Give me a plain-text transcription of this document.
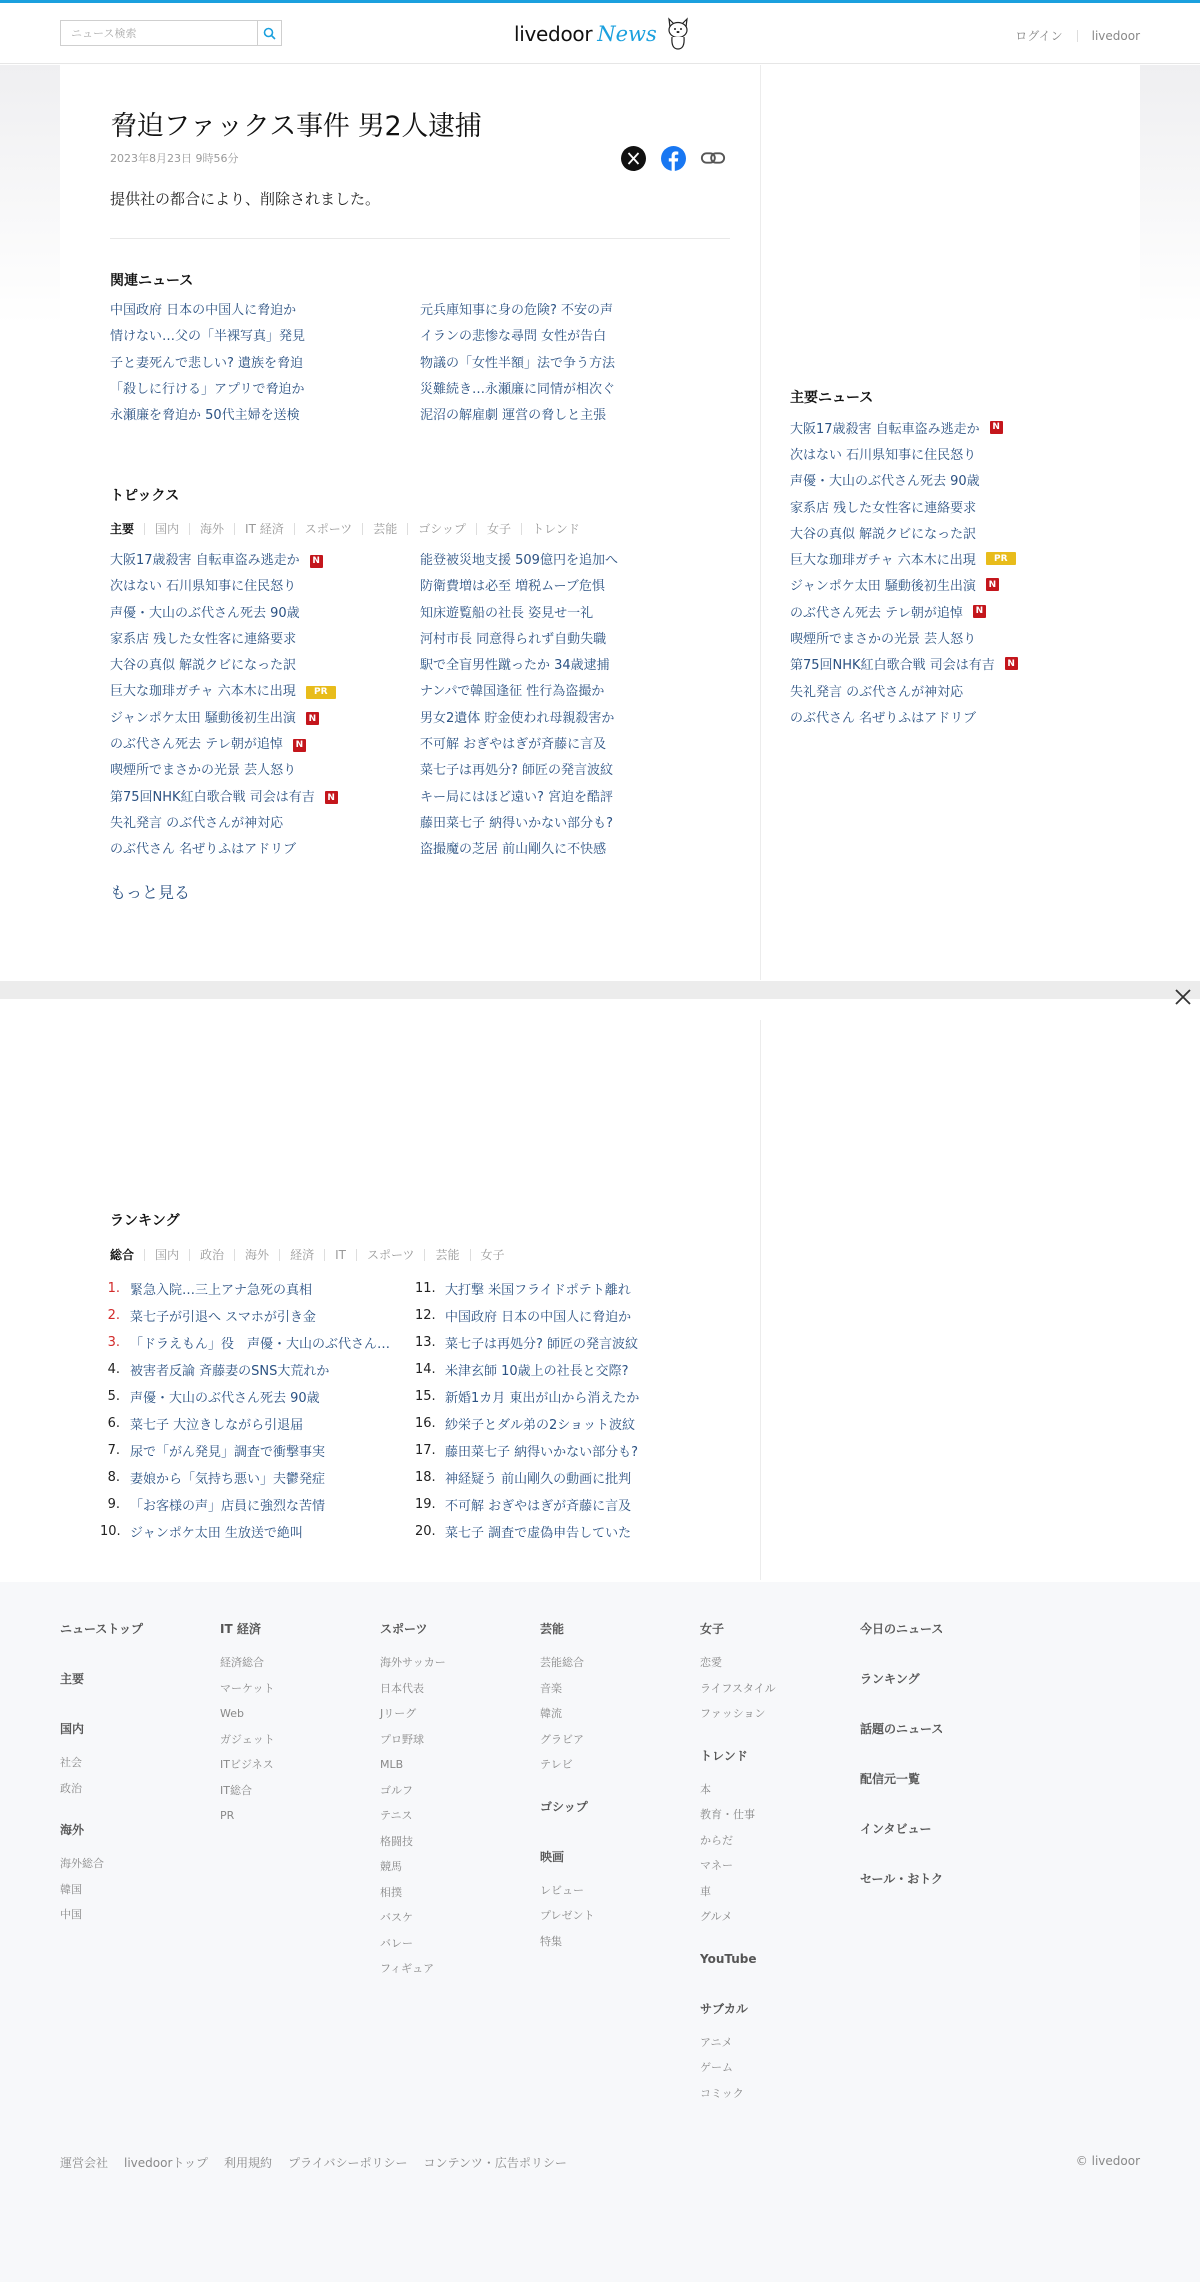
ニュース検索
livedoor News	ログイン livedoor
脅迫ファックス事件 男2人逮捕
2023年8月23日 9時56分

提供社の都合により、削除されました。

関連ニュース
中国政府 日本の中国人に脅迫か	元兵庫知事に身の危険? 不安の声
情けない…父の「半裸写真」発見	イランの悲惨な尋問 女性が告白
子と妻死んで悲しい? 遺族を脅迫	物議の「女性半額」法で争う方法
「殺しに行ける」アプリで脅迫か	災難続き…永瀬廉に同情が相次ぐ
永瀬廉を脅迫か 50代主婦を送検	泥沼の解雇劇 運営の脅しと主張
トピックス
主要 国内 海外 IT 経済 スポーツ 芸能 ゴシップ 女子 トレンド
大阪17歳殺害 自転車盗み逃走か	N	能登被災地支援 509億円を追加へ
次はない 石川県知事に住民怒り	防衛費増は必至 増税ムーブ危惧
声優・大山のぶ代さん死去 90歳	知床遊覧船の社長 姿見せ一礼
家系店 残した女性客に連絡要求	河村市長 同意得られず自動失職
大谷の真似 解説クビになった訳	駅で全盲男性蹴ったか 34歳逮捕
巨大な珈琲ガチャ 六本木に出現	PR	ナンパで韓国逢征 性行為盗撮か
ジャンポケ太田 騒動後初生出演	N	男女2遺体 貯金使われ母親殺害か
のぶ代さん死去 テレ朝が追悼	N	不可解 おぎやはぎが斉藤に言及
喫煙所でまさかの光景 芸人怒り	菜七子は再処分? 師匠の発言波紋
第75回NHK紅白歌合戦 司会は有吉	N	キー局にはほど遠い? 宮迫を酷評
失礼発言 のぶ代さんが神対応	藤田菜七子 納得いかない部分も?
のぶ代さん 名ぜりふはアドリブ	盗撮魔の芝居 前山剛久に不快感
もっと見る
主要ニュース
大阪17歳殺害 自転車盗み逃走か	N
次はない 石川県知事に住民怒り
声優・大山のぶ代さん死去 90歳
家系店 残した女性客に連絡要求
大谷の真似 解説クビになった訳
巨大な珈琲ガチャ 六本木に出現	PR
ジャンポケ太田 騒動後初生出演	N
のぶ代さん死去 テレ朝が追悼	N
喫煙所でまさかの光景 芸人怒り
第75回NHK紅白歌合戦 司会は有吉	N
失礼発言 のぶ代さんが神対応
のぶ代さん 名ぜりふはアドリブ
ランキング
総合 国内 政治 海外 経済 IT スポーツ 芸能 女子
1. 緊急入院…三上アナ急死の真相
2. 菜七子が引退へ スマホが引き金
3. 「ドラえもん」役　声優・大山のぶ代さん…
4. 被害者反論 斉藤妻のSNS大荒れか
5. 声優・大山のぶ代さん死去 90歳
6. 菜七子 大泣きしながら引退届
7. 尿で「がん発見」調査で衝撃事実
8. 妻娘から「気持ち悪い」夫鬱発症
9. 「お客様の声」店員に強烈な苦情
10. ジャンポケ太田 生放送で絶叫
11. 大打撃 米国フライドポテト離れ
12. 中国政府 日本の中国人に脅迫か
13. 菜七子は再処分? 師匠の発言波紋
14. 米津玄師 10歳上の社長と交際?
15. 新婚1カ月 東出が山から消えたか
16. 紗栄子とダル弟の2ショット波紋
17. 藤田菜七子 納得いかない部分も?
18. 神経疑う 前山剛久の動画に批判
19. 不可解 おぎやはぎが斉藤に言及
20. 菜七子 調査で虚偽申告していた
ニューストップ
主要
国内
社会
政治
海外
海外総合
韓国
中国
IT 経済
経済総合
マーケット
Web
ガジェット
ITビジネス
IT総合
PR
スポーツ
海外サッカー
日本代表
Jリーグ
プロ野球
MLB
ゴルフ
テニス
格闘技
競馬
相撲
バスケ
バレー
フィギュア
芸能
芸能総合
音楽
韓流
グラビア
テレビ
ゴシップ
映画
レビュー
プレゼント
特集
女子
恋愛
ライフスタイル
ファッション
トレンド
本
教育・仕事
からだ
マネー
車
グルメ
YouTube
サブカル
アニメ
ゲーム
コミック
今日のニュース
ランキング
話題のニュース
配信元一覧
インタビュー
セール・おトク
運営会社 livedoorトップ 利用規約 プライバシーポリシー コンテンツ・広告ポリシー	© livedoor
